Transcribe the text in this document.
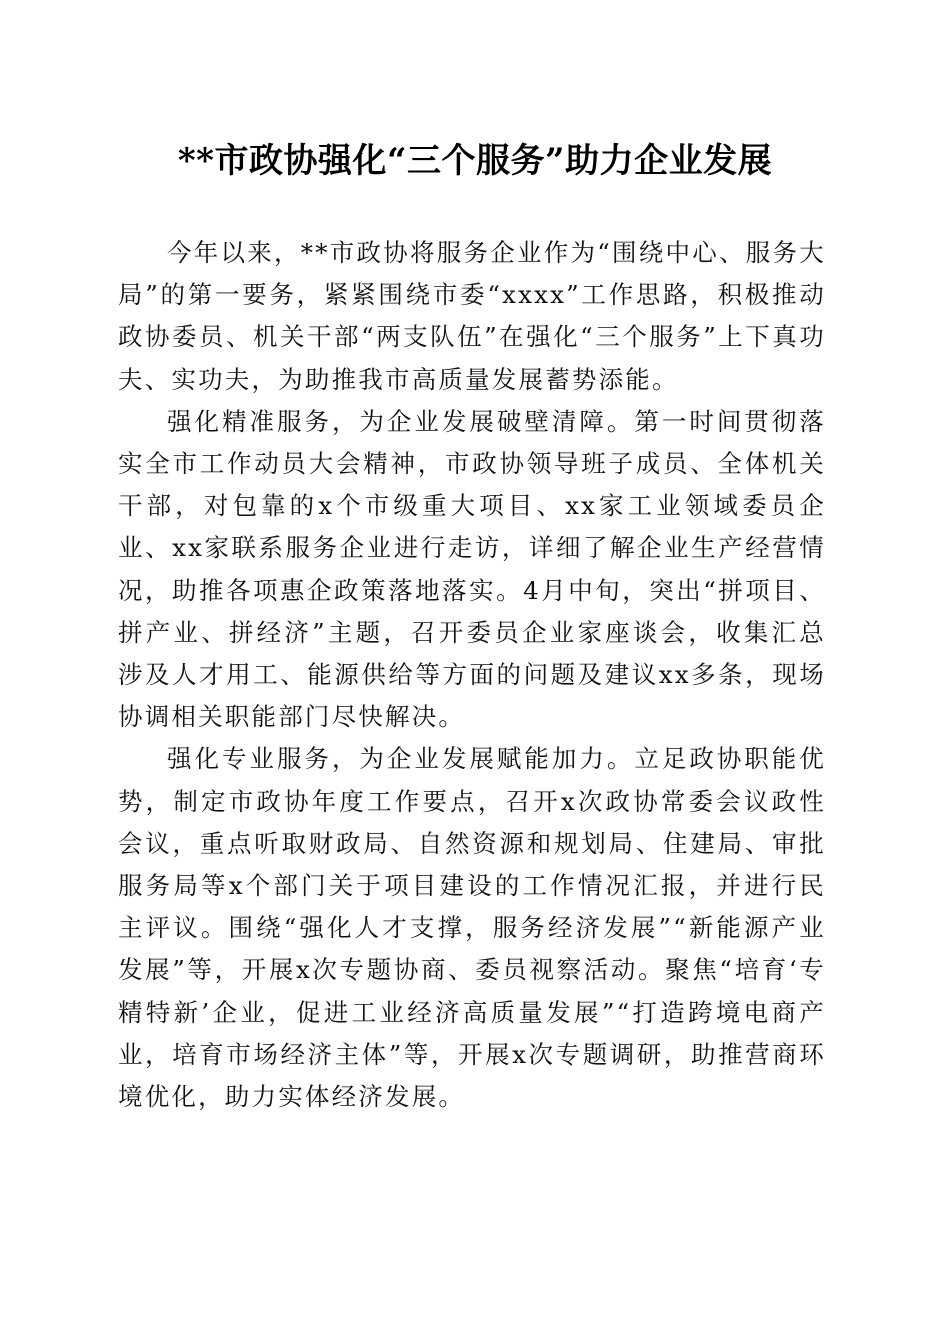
**市政协强化“三个服务”助力企业发展

今年以来，**市政协将服务企业作为“围绕中心、服务大局”的第一要务，紧紧围绕市委“xxxx”工作思路，积极推动政协委员、机关干部“两支队伍”在强化“三个服务”上下真功夫、实功夫，为助推我市高质量发展蓄势添能。

强化精准服务，为企业发展破壁清障。第一时间贯彻落实全市工作动员大会精神，市政协领导班子成员、全体机关干部，对包靠的x个市级重大项目、xx家工业领域委员企业、xx家联系服务企业进行走访，详细了解企业生产经营情况，助推各项惠企政策落地落实。4月中旬，突出“拼项目、拼产业、拼经济”主题，召开委员企业家座谈会，收集汇总涉及人才用工、能源供给等方面的问题及建议xx多条，现场协调相关职能部门尽快解决。

强化专业服务，为企业发展赋能加力。立足政协职能优势，制定市政协年度工作要点，召开x次政协常委会议政性会议，重点听取财政局、自然资源和规划局、住建局、审批服务局等x个部门关于项目建设的工作情况汇报，并进行民主评议。围绕“强化人才支撑，服务经济发展”“新能源产业发展”等，开展x次专题协商、委员视察活动。聚焦“培育‘专精特新’企业，促进工业经济高质量发展”“打造跨境电商产业，培育市场经济主体”等，开展x次专题调研，助推营商环境优化，助力实体经济发展。
